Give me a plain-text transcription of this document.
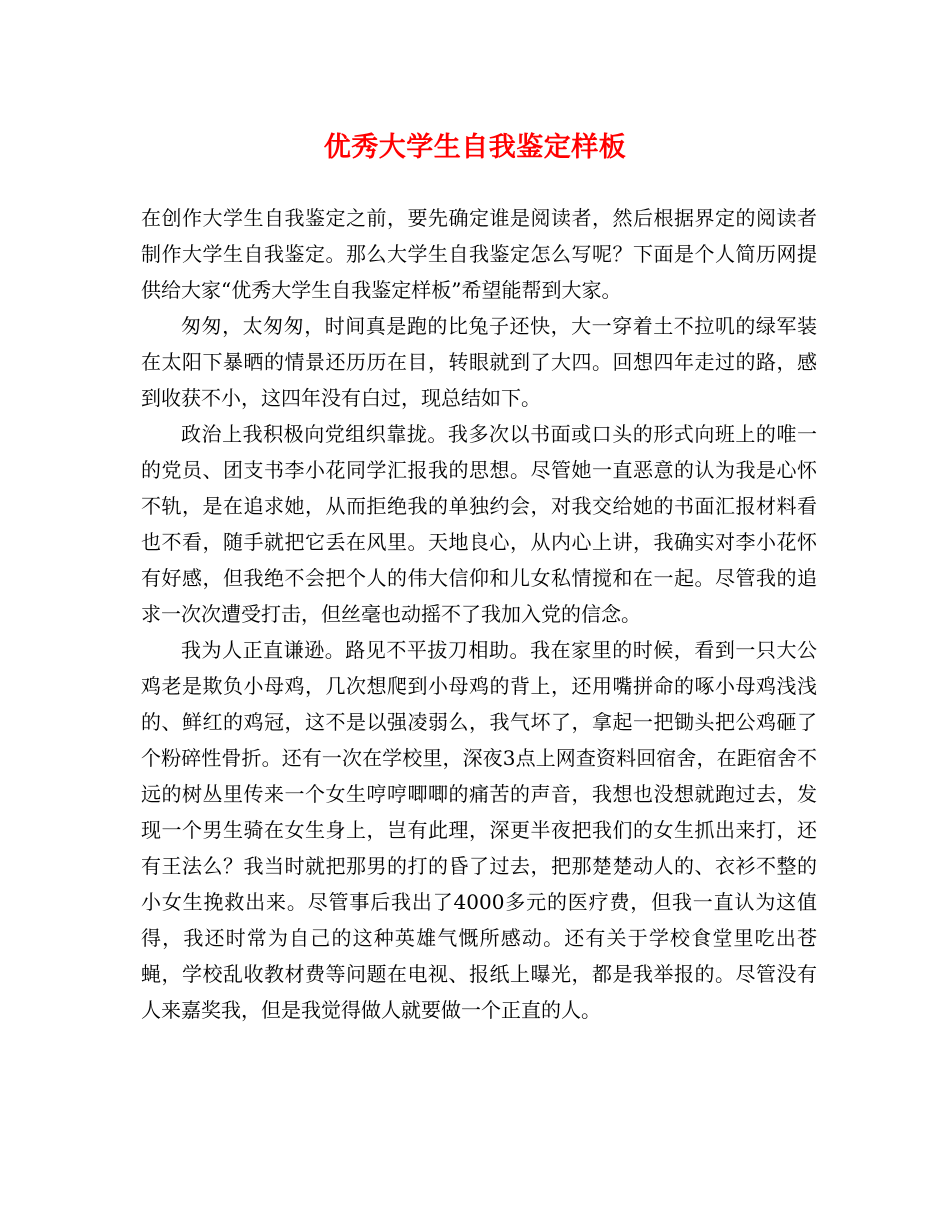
优秀大学生自我鉴定样板

在创作大学生自我鉴定之前，要先确定谁是阅读者，然后根据界定的阅读者制作大学生自我鉴定。那么大学生自我鉴定怎么写呢？下面是个人简历网提供给大家“优秀大学生自我鉴定样板”希望能帮到大家。

匆匆，太匆匆，时间真是跑的比兔子还快，大一穿着土不拉叽的绿军装在太阳下暴晒的情景还历历在目，转眼就到了大四。回想四年走过的路，感到收获不小，这四年没有白过，现总结如下。

政治上我积极向党组织靠拢。我多次以书面或口头的形式向班上的唯一的党员、团支书李小花同学汇报我的思想。尽管她一直恶意的认为我是心怀不轨，是在追求她，从而拒绝我的单独约会，对我交给她的书面汇报材料看也不看，随手就把它丢在风里。天地良心，从内心上讲，我确实对李小花怀有好感，但我绝不会把个人的伟大信仰和儿女私情搅和在一起。尽管我的追求一次次遭受打击，但丝毫也动摇不了我加入党的信念。

我为人正直谦逊。路见不平拔刀相助。我在家里的时候，看到一只大公鸡老是欺负小母鸡，几次想爬到小母鸡的背上，还用嘴拼命的啄小母鸡浅浅的、鲜红的鸡冠，这不是以强凌弱么，我气坏了，拿起一把锄头把公鸡砸了个粉碎性骨折。还有一次在学校里，深夜3点上网查资料回宿舍，在距宿舍不远的树丛里传来一个女生哼哼唧唧的痛苦的声音，我想也没想就跑过去，发现一个男生骑在女生身上，岂有此理，深更半夜把我们的女生抓出来打，还有王法么？我当时就把那男的打的昏了过去，把那楚楚动人的、衣衫不整的小女生挽救出来。尽管事后我出了4000多元的医疗费，但我一直认为这值得，我还时常为自己的这种英雄气慨所感动。还有关于学校食堂里吃出苍蝇，学校乱收教材费等问题在电视、报纸上曝光，都是我举报的。尽管没有人来嘉奖我，但是我觉得做人就要做一个正直的人。
